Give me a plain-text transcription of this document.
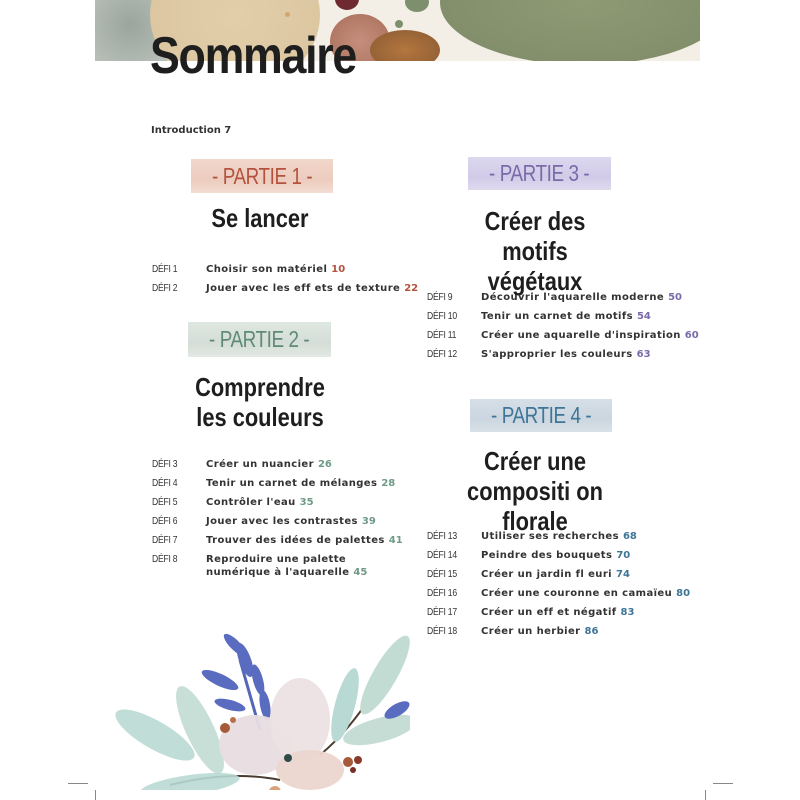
Sommaire
Introduction 7
- PARTIE 1 -
Se lancer
DÉFI 1	Choisir son matériel 10
DÉFI 2	Jouer avec les eff ets de texture 22
- PARTIE 2 -
Comprendre
les couleurs
DÉFI 3	Créer un nuancier 26
DÉFI 4	Tenir un carnet de mélanges 28
DÉFI 5	Contrôler l'eau 35
DÉFI 6	Jouer avec les contrastes 39
DÉFI 7	Trouver des idées de palettes 41
DÉFI 8	Reproduire une palette
numérique à l'aquarelle 45
- PARTIE 3 -
Créer des motifs
végétaux
DÉFI 9	Découvrir l'aquarelle moderne 50
DÉFI 10	Tenir un carnet de motifs 54
DÉFI 11	Créer une aquarelle d'inspiration 60
DÉFI 12	S'approprier les couleurs 63
- PARTIE 4 -
Créer une
compositi on florale
DÉFI 13	Utiliser ses recherches 68
DÉFI 14	Peindre des bouquets 70
DÉFI 15	Créer un jardin fl euri 74
DÉFI 16	Créer une couronne en camaïeu 80
DÉFI 17	Créer un eff et négatif 83
DÉFI 18	Créer un herbier 86
